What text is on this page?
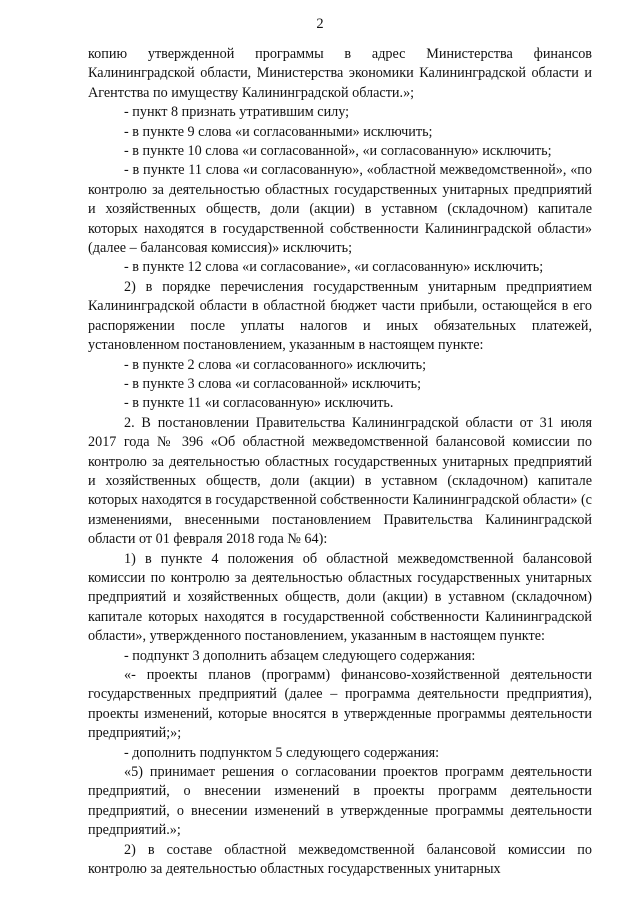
2

копию утвержденной программы в адрес Министерства финансов Калининградской области, Министерства экономики Калининградской области и Агентства по имуществу Калининградской области.»;

- пункт 8 признать утратившим силу;

- в пункте 9 слова «и согласованными» исключить;

- в пункте 10 слова «и согласованной», «и согласованную» исключить;

- в пункте 11 слова «и согласованную», «областной межведомственной», «по контролю за деятельностью областных государственных унитарных предприятий и хозяйственных обществ, доли (акции) в уставном (складочном) капитале которых находятся в государственной собственности Калининградской области» (далее – балансовая комиссия)» исключить;

- в пункте 12 слова «и согласование», «и согласованную» исключить;

2) в порядке перечисления государственным унитарным предприятием Калининградской области в областной бюджет части прибыли, остающейся в его распоряжении после уплаты налогов и иных обязательных платежей, установленном постановлением, указанным в настоящем пункте:

- в пункте 2 слова «и согласованного» исключить;

- в пункте 3 слова «и согласованной» исключить;

- в пункте 11 «и согласованную» исключить.

2. В постановлении Правительства Калининградской области от 31 июля 2017 года № 396 «Об областной межведомственной балансовой комиссии по контролю за деятельностью областных государственных унитарных предприятий и хозяйственных обществ, доли (акции) в уставном (складочном) капитале которых находятся в государственной собственности Калининградской области» (с изменениями, внесенными постановлением Правительства Калининградской области от 01 февраля 2018 года № 64):

1) в пункте 4 положения об областной межведомственной балансовой комиссии по контролю за деятельностью областных государственных унитарных предприятий и хозяйственных обществ, доли (акции) в уставном (складочном) капитале которых находятся в государственной собственности Калининградской области», утвержденного постановлением, указанным в настоящем пункте:

- подпункт 3 дополнить абзацем следующего содержания:

«- проекты планов (программ) финансово-хозяйственной деятельности государственных предприятий (далее – программа деятельности предприятия), проекты изменений, которые вносятся в утвержденные программы деятельности предприятий;»;

- дополнить подпунктом 5 следующего содержания:

«5) принимает решения о согласовании проектов программ деятельности предприятий, о внесении изменений в проекты программ деятельности предприятий, о внесении изменений в утвержденные программы деятельности предприятий.»;

2) в составе областной межведомственной балансовой комиссии по контролю за деятельностью областных государственных унитарных
